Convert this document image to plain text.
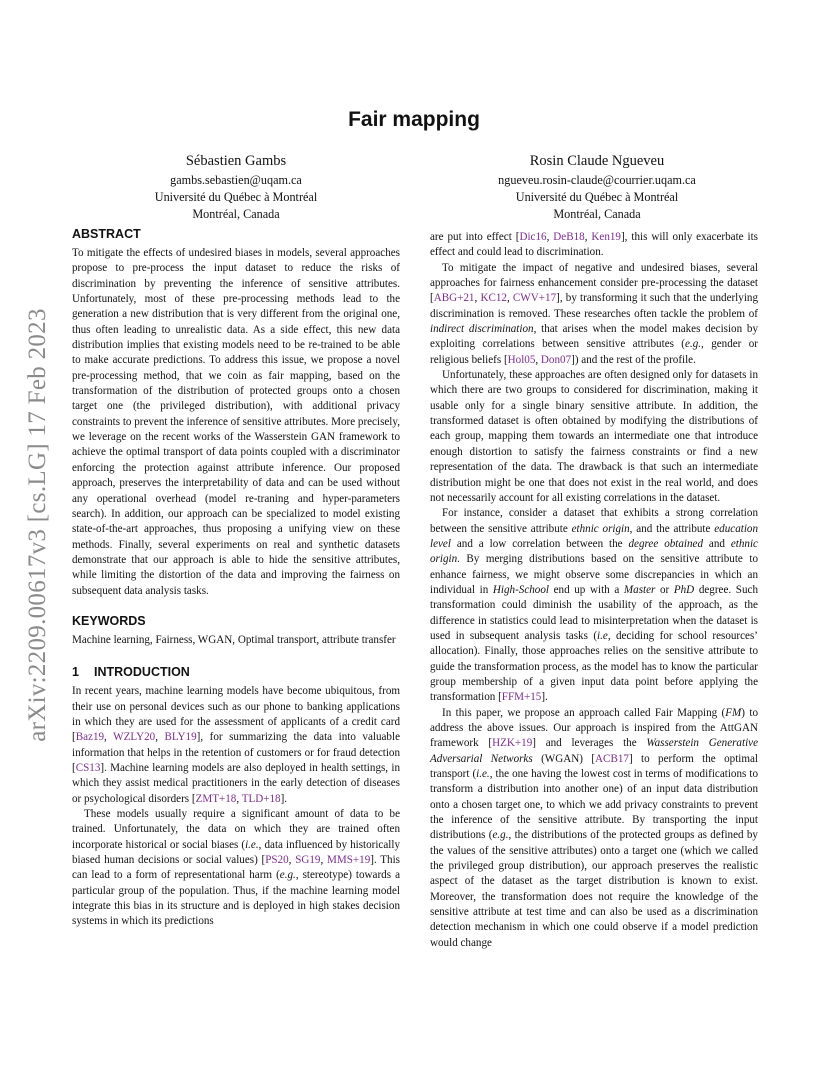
arXiv:2209.00617v3 [cs.LG] 17 Feb 2023
Fair mapping
Sébastien Gambs
gambs.sebastien@uqam.ca
Université du Québec à Montréal
Montréal, Canada
Rosin Claude Ngueveu
ngueveu.rosin-claude@courrier.uqam.ca
Université du Québec à Montréal
Montréal, Canada
ABSTRACT

To mitigate the effects of undesired biases in models, several approaches propose to pre-process the input dataset to reduce the risks of discrimination by preventing the inference of sensitive attributes. Unfortunately, most of these pre-processing methods lead to the generation a new distribution that is very different from the original one, thus often leading to unrealistic data. As a side effect, this new data distribution implies that existing models need to be re-trained to be able to make accurate predictions. To address this issue, we propose a novel pre-processing method, that we coin as fair mapping, based on the transformation of the distribution of protected groups onto a chosen target one (the privileged distribution), with additional privacy constraints to prevent the inference of sensitive attributes. More precisely, we leverage on the recent works of the Wasserstein GAN framework to achieve the optimal transport of data points coupled with a discriminator enforcing the protection against attribute inference. Our proposed approach, preserves the interpretability of data and can be used without any operational overhead (model re-traning and hyper-parameters search). In addition, our approach can be specialized to model existing state-of-the-art approaches, thus proposing a unifying view on these methods. Finally, several experiments on real and synthetic datasets demonstrate that our approach is able to hide the sensitive attributes, while limiting the distortion of the data and improving the fairness on subsequent data analysis tasks.

KEYWORDS

Machine learning, Fairness, WGAN, Optimal transport, attribute transfer

1 INTRODUCTION

In recent years, machine learning models have become ubiquitous, from their use on personal devices such as our phone to banking applications in which they are used for the assessment of applicants of a credit card [Baz19, WZLY20, BLY19], for summarizing the data into valuable information that helps in the retention of customers or for fraud detection [CS13]. Machine learning models are also deployed in health settings, in which they assist medical practitioners in the early detection of diseases or psychological disorders [ZMT+18, TLD+18].

These models usually require a significant amount of data to be trained. Unfortunately, the data on which they are trained often incorporate historical or social biases (i.e., data influenced by historically biased human decisions or social values) [PS20, SG19, MMS+19]. This can lead to a form of representational harm (e.g., stereotype) towards a particular group of the population. Thus, if the machine learning model integrate this bias in its structure and is deployed in high stakes decision systems in which its predictions

are put into effect [Dic16, DeB18, Ken19], this will only exacerbate its effect and could lead to discrimination.

To mitigate the impact of negative and undesired biases, several approaches for fairness enhancement consider pre-processing the dataset [ABG+21, KC12, CWV+17], by transforming it such that the underlying discrimination is removed. These researches often tackle the problem of indirect discrimination, that arises when the model makes decision by exploiting correlations between sensitive attributes (e.g., gender or religious beliefs [Hol05, Don07]) and the rest of the profile.

Unfortunately, these approaches are often designed only for datasets in which there are two groups to considered for discrimination, making it usable only for a single binary sensitive attribute. In addition, the transformed dataset is often obtained by modifying the distributions of each group, mapping them towards an intermediate one that introduce enough distortion to satisfy the fairness constraints or find a new representation of the data. The drawback is that such an intermediate distribution might be one that does not exist in the real world, and does not necessarily account for all existing correlations in the dataset.

For instance, consider a dataset that exhibits a strong correlation between the sensitive attribute ethnic origin, and the attribute education level and a low correlation between the degree obtained and ethnic origin. By merging distributions based on the sensitive attribute to enhance fairness, we might observe some discrepancies in which an individual in High-School end up with a Master or PhD degree. Such transformation could diminish the usability of the approach, as the difference in statistics could lead to misinterpretation when the dataset is used in subsequent analysis tasks (i.e, deciding for school resources’ allocation). Finally, those approaches relies on the sensitive attribute to guide the transformation process, as the model has to know the particular group membership of a given input data point before applying the transformation [FFM+15].

In this paper, we propose an approach called Fair Mapping (FM) to address the above issues. Our approach is inspired from the AttGAN framework [HZK+19] and leverages the Wasserstein Generative Adversarial Networks (WGAN) [ACB17] to perform the optimal transport (i.e., the one having the lowest cost in terms of modifications to transform a distribution into another one) of an input data distribution onto a chosen target one, to which we add privacy constraints to prevent the inference of the sensitive attribute. By transporting the input distributions (e.g., the distributions of the protected groups as defined by the values of the sensitive attributes) onto a target one (which we called the privileged group distribution), our approach preserves the realistic aspect of the dataset as the target distribution is known to exist. Moreover, the transformation does not require the knowledge of the sensitive attribute at test time and can also be used as a discrimination detection mechanism in which one could observe if a model prediction would change
